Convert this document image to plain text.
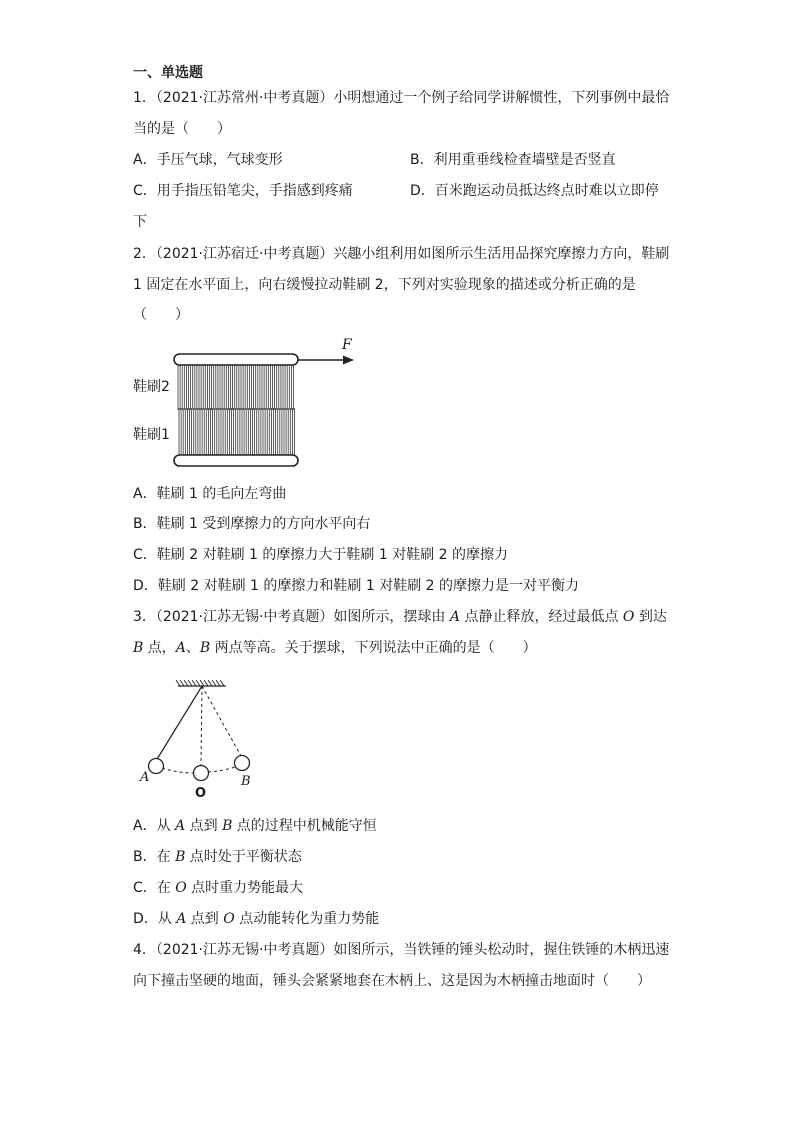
一、单选题
1．（2021·江苏常州·中考真题）小明想通过一个例子给同学讲解惯性，下列事例中最恰
当的是（　　）
A．手压气球，气球变形	B．利用重垂线检查墙壁是否竖直
C．用手指压铅笔尖，手指感到疼痛	D．百米跑运动员抵达终点时难以立即停
下
2．（2021·江苏宿迁·中考真题）兴趣小组利用如图所示生活用品探究摩擦力方向，鞋刷
1 固定在水平面上，向右缓慢拉动鞋刷 2，下列对实验现象的描述或分析正确的是
（　　）
F
鞋刷2
鞋刷1
A．鞋刷 1 的毛向左弯曲
B．鞋刷 1 受到摩擦力的方向水平向右
C．鞋刷 2 对鞋刷 1 的摩擦力大于鞋刷 1 对鞋刷 2 的摩擦力
D．鞋刷 2 对鞋刷 1 的摩擦力和鞋刷 1 对鞋刷 2 的摩擦力是一对平衡力
3．（2021·江苏无锡·中考真题）如图所示，摆球由 A 点静止释放，经过最低点 O 到达
B 点，A、B 两点等高。关于摆球，下列说法中正确的是（　　）
A
O
B
A．从 A 点到 B 点的过程中机械能守恒
B．在 B 点时处于平衡状态
C．在 O 点时重力势能最大
D．从 A 点到 O 点动能转化为重力势能
4．（2021·江苏无锡·中考真题）如图所示，当铁锤的锤头松动时，握住铁锤的木柄迅速
向下撞击坚硬的地面，锤头会紧紧地套在木柄上、这是因为木柄撞击地面时（　　）
